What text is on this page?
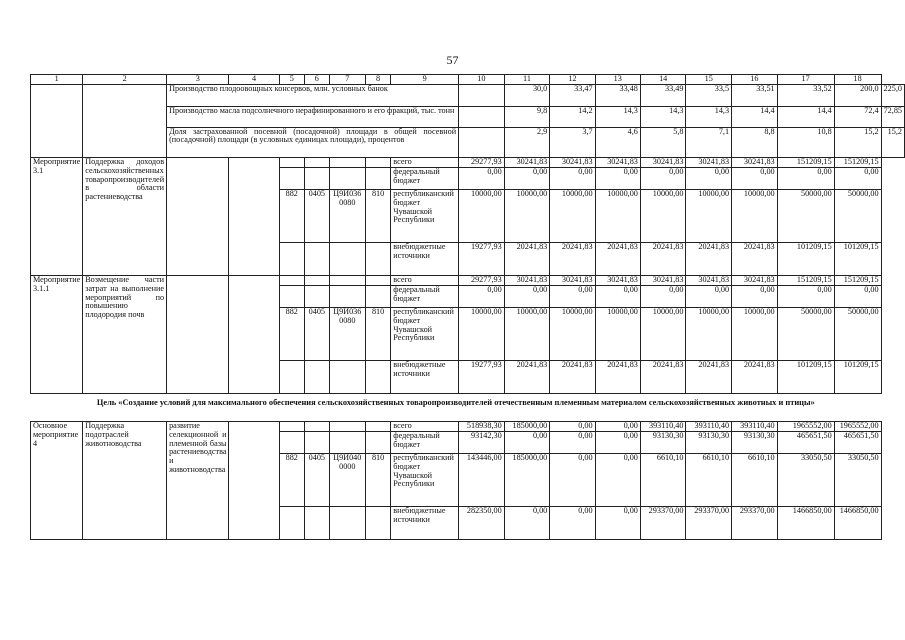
57
1	2	3	4	5	6	7	8	9	10	11	12	13	14	15	16	17	18	
		Производство плодоовощных консервов, млн. условных банок								30,0	33,47	33,48	33,49	33,5	33,51	33,52	200,0	225,0
		Производство масла подсолнечного нерафинированного и его фракций, тыс. тонн								9,8	14,2	14,3	14,3	14,3	14,4	14,4	72,4	72,85
		Доля застрахованной посевной (посадочной) площади в общей посевной (посадочной) площади (в условных единицах площади), процентов								2,9	3,7	4,6	5,8	7,1	8,8	10,8	15,2	15,2
Мероприятие 3.1	Поддержка доходов сельскохозяйственных товаропроизводителей в области растениеводства							всего	29277,93	30241,83	30241,83	30241,83	30241,83	30241,83	30241,83	151209,15	151209,15	
								федеральный бюджет	0,00	0,00	0,00	0,00	0,00	0,00	0,00	0,00	0,00	
				882	0405	Ц9И0360080	810	республиканский бюджет Чувашской Республики	10000,00	10000,00	10000,00	10000,00	10000,00	10000,00	10000,00	50000,00	50000,00	
								внебюджетные источники	19277,93	20241,83	20241,83	20241,83	20241,83	20241,83	20241,83	101209,15	101209,15	
Мероприятие 3.1.1	Возмещение части затрат на выполнение мероприятий по повышению плодородия почв							всего	29277,93	30241,83	30241,83	30241,83	30241,83	30241,83	30241,83	151209,15	151209,15	
								федеральный бюджет	0,00	0,00	0,00	0,00	0,00	0,00	0,00	0,00	0,00	
				882	0405	Ц9И0360080	810	республиканский бюджет Чувашской Республики	10000,00	10000,00	10000,00	10000,00	10000,00	10000,00	10000,00	50000,00	50000,00	
								внебюджетные источники	19277,93	20241,83	20241,83	20241,83	20241,83	20241,83	20241,83	101209,15	101209,15	
Цель «Создание условий для максимального обеспечения сельскохозяйственных товаропроизводителей отечественным племенным материалом сельскохозяйственных животных и птицы»																		
Основное мероприятие 4	Поддержка подотраслей животноводства	развитие селекционной и племенной базы растениеводства и животноводства						всего	518938,30	185000,00	0,00	0,00	393110,40	393110,40	393110,40	1965552,00	1965552,00	
								федеральный бюджет	93142,30	0,00	0,00	0,00	93130,30	93130,30	93130,30	465651,50	465651,50	
				882	0405	Ц9И0400000	810	республиканский бюджет Чувашской Республики	143446,00	185000,00	0,00	0,00	6610,10	6610,10	6610,10	33050,50	33050,50	
								внебюджетные источники	282350,00	0,00	0,00	0,00	293370,00	293370,00	293370,00	1466850,00	1466850,00	
